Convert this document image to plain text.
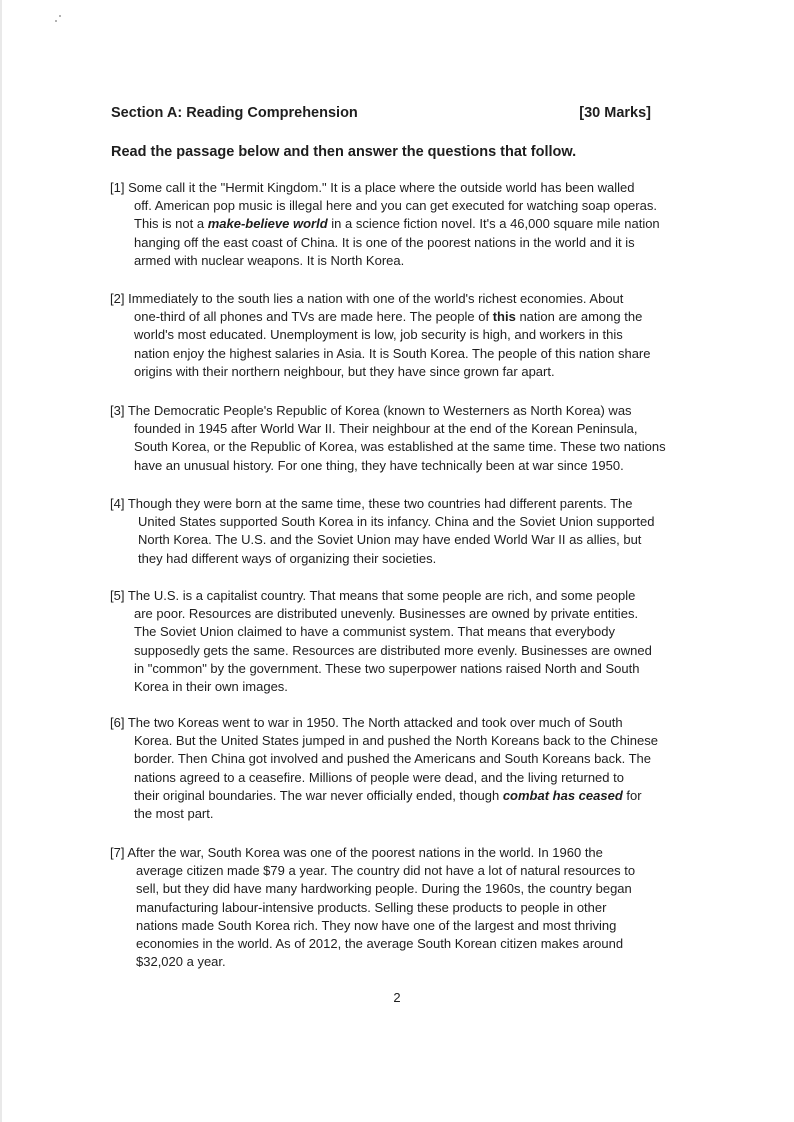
Section A: Reading Comprehension	[30 Marks]
Read the passage below and then answer the questions that follow.
[1] Some call it the "Hermit Kingdom." It is a place where the outside world has been walled
off. American pop music is illegal here and you can get executed for watching soap operas.
This is not a make-believe world in a science fiction novel. It's a 46,000 square mile nation
hanging off the east coast of China. It is one of the poorest nations in the world and it is
armed with nuclear weapons. It is North Korea.
[2] Immediately to the south lies a nation with one of the world's richest economies. About
one-third of all phones and TVs are made here. The people of this nation are among the
world's most educated. Unemployment is low, job security is high, and workers in this
nation enjoy the highest salaries in Asia. It is South Korea. The people of this nation share
origins with their northern neighbour, but they have since grown far apart.
[3] The Democratic People's Republic of Korea (known to Westerners as North Korea) was
founded in 1945 after World War II. Their neighbour at the end of the Korean Peninsula,
South Korea, or the Republic of Korea, was established at the same time. These two nations
have an unusual history. For one thing, they have technically been at war since 1950.
[4] Though they were born at the same time, these two countries had different parents. The
United States supported South Korea in its infancy. China and the Soviet Union supported
North Korea. The U.S. and the Soviet Union may have ended World War II as allies, but
they had different ways of organizing their societies.
[5] The U.S. is a capitalist country. That means that some people are rich, and some people
are poor. Resources are distributed unevenly. Businesses are owned by private entities.
The Soviet Union claimed to have a communist system. That means that everybody
supposedly gets the same. Resources are distributed more evenly. Businesses are owned
in "common" by the government. These two superpower nations raised North and South
Korea in their own images.
[6] The two Koreas went to war in 1950. The North attacked and took over much of South
Korea. But the United States jumped in and pushed the North Koreans back to the Chinese
border. Then China got involved and pushed the Americans and South Koreans back. The
nations agreed to a ceasefire. Millions of people were dead, and the living returned to
their original boundaries. The war never officially ended, though combat has ceased for
the most part.
[7] After the war, South Korea was one of the poorest nations in the world. In 1960 the
average citizen made $79 a year. The country did not have a lot of natural resources to
sell, but they did have many hardworking people. During the 1960s, the country began
manufacturing labour-intensive products. Selling these products to people in other
nations made South Korea rich. They now have one of the largest and most thriving
economies in the world. As of 2012, the average South Korean citizen makes around
$32,020 a year.
2
